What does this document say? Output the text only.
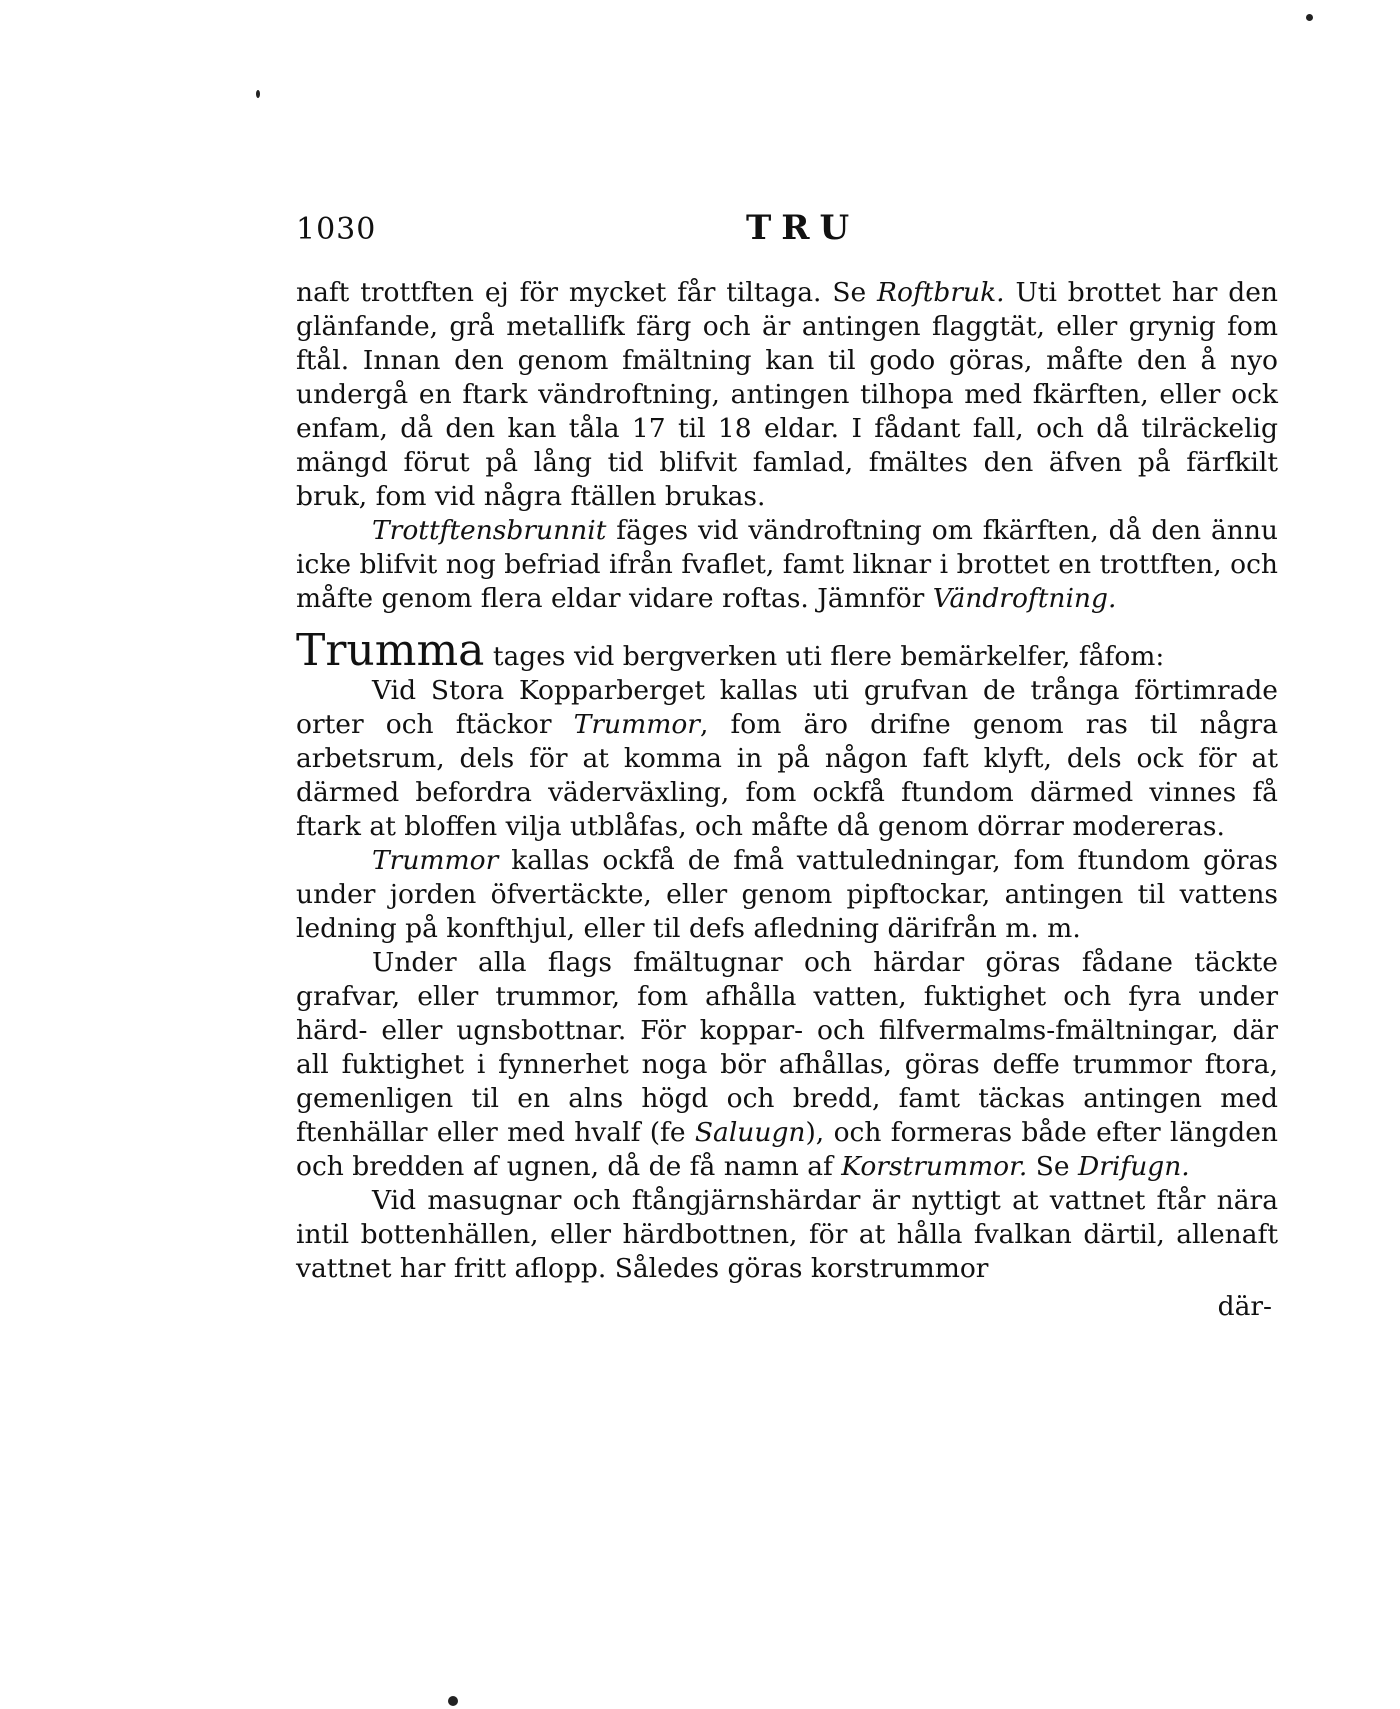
1030	TRU

naft trottften ej för mycket får tiltaga. Se Roftbruk. Uti brottet har den glänfande, grå metallifk färg och är antingen flaggtät, eller grynig fom ftål. Innan den genom fmältning kan til godo göras, måfte den å nyo undergå en ftark vändroftning, antingen tilhopa med fkärften, eller ock enfam, då den kan tåla 17 til 18 eldar. I fådant fall, och då tilräckelig mängd förut på lång tid blifvit famlad, fmältes den äfven på färfkilt bruk, fom vid några ftällen brukas.

Trottftensbrunnit fäges vid vändroftning om fkärften, då den ännu icke blifvit nog befriad ifrån fvaflet, famt liknar i brottet en trottften, och måfte genom flera eldar vidare roftas. Jämnför Vändroftning.

Trumma tages vid bergverken uti flere bemärkelfer, fåfom:

Vid Stora Kopparberget kallas uti grufvan de trånga förtimrade orter och ftäckor Trummor, fom äro drifne genom ras til några arbetsrum, dels för at komma in på någon faft klyft, dels ock för at därmed befordra väderväxling, fom ockfå ftundom därmed vinnes få ftark at bloffen vilja utblåfas, och måfte då genom dörrar modereras.

Trummor kallas ockfå de fmå vattuledningar, fom ftundom göras under jorden öfvertäckte, eller genom pipftockar, antingen til vattens ledning på konfthjul, eller til defs afledning därifrån m. m.

Under alla flags fmältugnar och härdar göras fådane täckte grafvar, eller trummor, fom afhålla vatten, fuktighet och fyra under härd- eller ugnsbottnar. För koppar- och filfvermalms-fmältningar, där all fuktighet i fynnerhet noga bör afhållas, göras deffe trummor ftora, gemenligen til en alns högd och bredd, famt täckas antingen med ftenhällar eller med hvalf (fe Saluugn), och formeras både efter längden och bredden af ugnen, då de få namn af Korstrummor. Se Drifugn.

Vid masugnar och ftångjärnshärdar är nyttigt at vattnet ftår nära intil bottenhällen, eller härdbottnen, för at hålla fvalkan därtil, allenaft vattnet har fritt aflopp. Således göras korstrummor

där-
